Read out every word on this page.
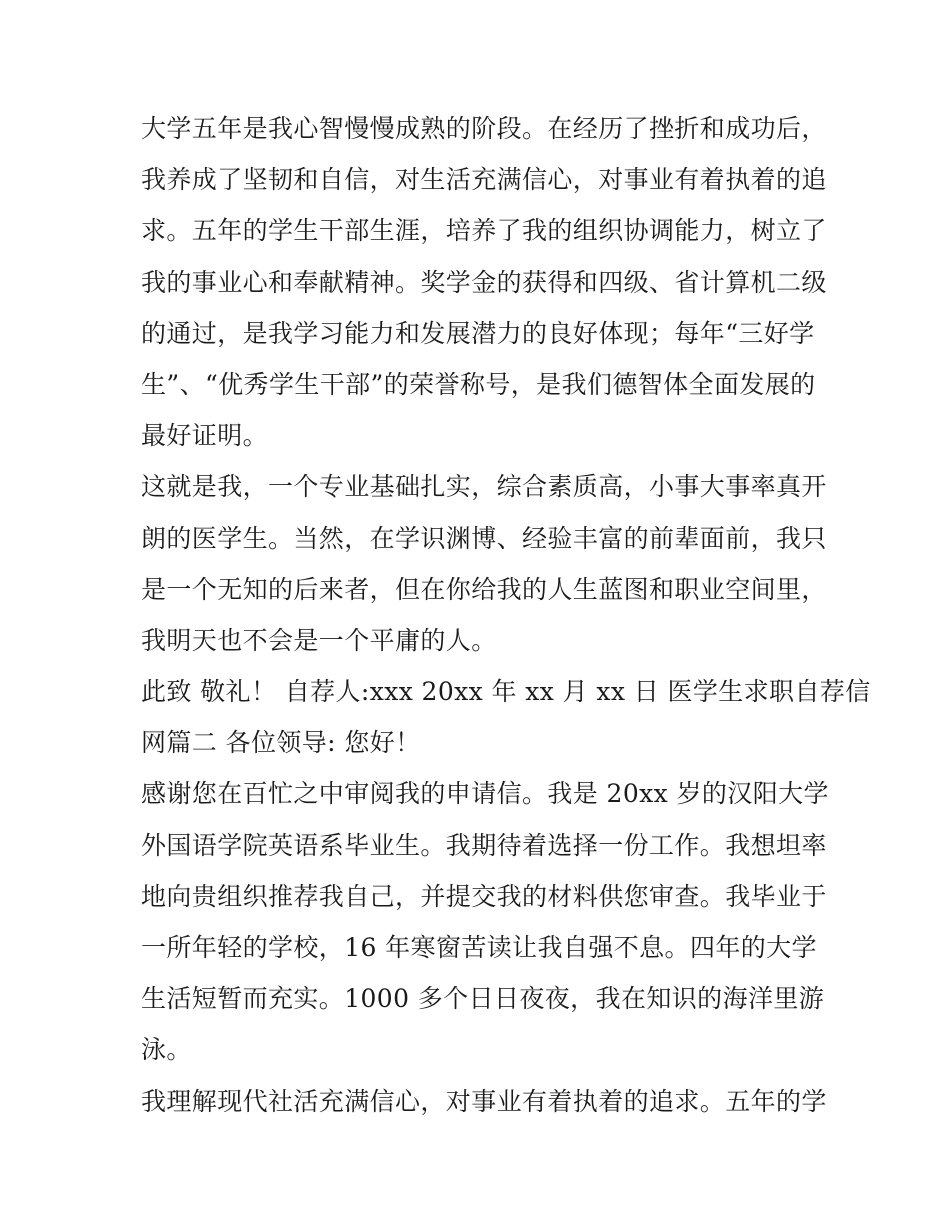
大学五年是我心智慢慢成熟的阶段。在经历了挫折和成功后，
我养成了坚韧和自信，对生活充满信心，对事业有着执着的追
求。五年的学生干部生涯，培养了我的组织协调能力，树立了
我的事业心和奉献精神。奖学金的获得和四级、省计算机二级
的通过，是我学习能力和发展潜力的良好体现；每年“三好学
生”、“优秀学生干部”的荣誉称号，是我们德智体全面发展的
最好证明。
这就是我，一个专业基础扎实，综合素质高，小事大事率真开
朗的医学生。当然，在学识渊博、经验丰富的前辈面前，我只
是一个无知的后来者，但在你给我的人生蓝图和职业空间里，
我明天也不会是一个平庸的人。
此致 敬礼！ 自荐人:xxx 20xx 年 xx 月 xx 日 医学生求职自荐信
网篇二 各位领导: 您好！
感谢您在百忙之中审阅我的申请信。我是 20xx 岁的汉阳大学
外国语学院英语系毕业生。我期待着选择一份工作。我想坦率
地向贵组织推荐我自己，并提交我的材料供您审查。我毕业于
一所年轻的学校，16 年寒窗苦读让我自强不息。四年的大学
生活短暂而充实。1000 多个日日夜夜，我在知识的海洋里游
泳。
我理解现代社活充满信心，对事业有着执着的追求。五年的学
